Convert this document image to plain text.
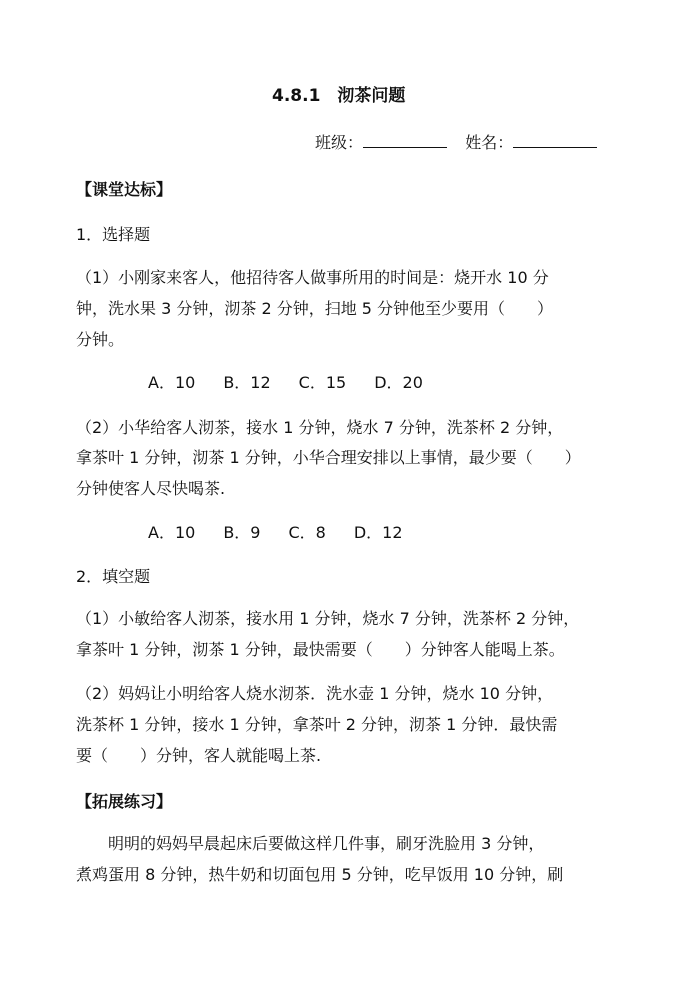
4.8.1　沏茶问题
班级：	姓名：
【课堂达标】
1．选择题
（1）小刚家来客人，他招待客人做事所用的时间是：烧开水 10 分
钟，洗水果 3 分钟，沏茶 2 分钟，扫地 5 分钟他至少要用（　　）
分钟。
A．10 B．12 C．15 D．20
（2）小华给客人沏茶，接水 1 分钟，烧水 7 分钟，洗茶杯 2 分钟，
拿茶叶 1 分钟，沏茶 1 分钟，小华合理安排以上事情，最少要（　　）
分钟使客人尽快喝茶.
A．10 B．9 C．8 D．12
2．填空题
（1）小敏给客人沏茶，接水用 1 分钟，烧水 7 分钟，洗茶杯 2 分钟，
拿茶叶 1 分钟，沏茶 1 分钟，最快需要（　　）分钟客人能喝上茶。
（2）妈妈让小明给客人烧水沏茶．洗水壶 1 分钟，烧水 10 分钟，
洗茶杯 1 分钟，接水 1 分钟，拿茶叶 2 分钟，沏茶 1 分钟．最快需
要（　　）分钟，客人就能喝上茶.
【拓展练习】
　　明明的妈妈早晨起床后要做这样几件事，刷牙洗脸用 3 分钟，
煮鸡蛋用 8 分钟，热牛奶和切面包用 5 分钟，吃早饭用 10 分钟，刷
